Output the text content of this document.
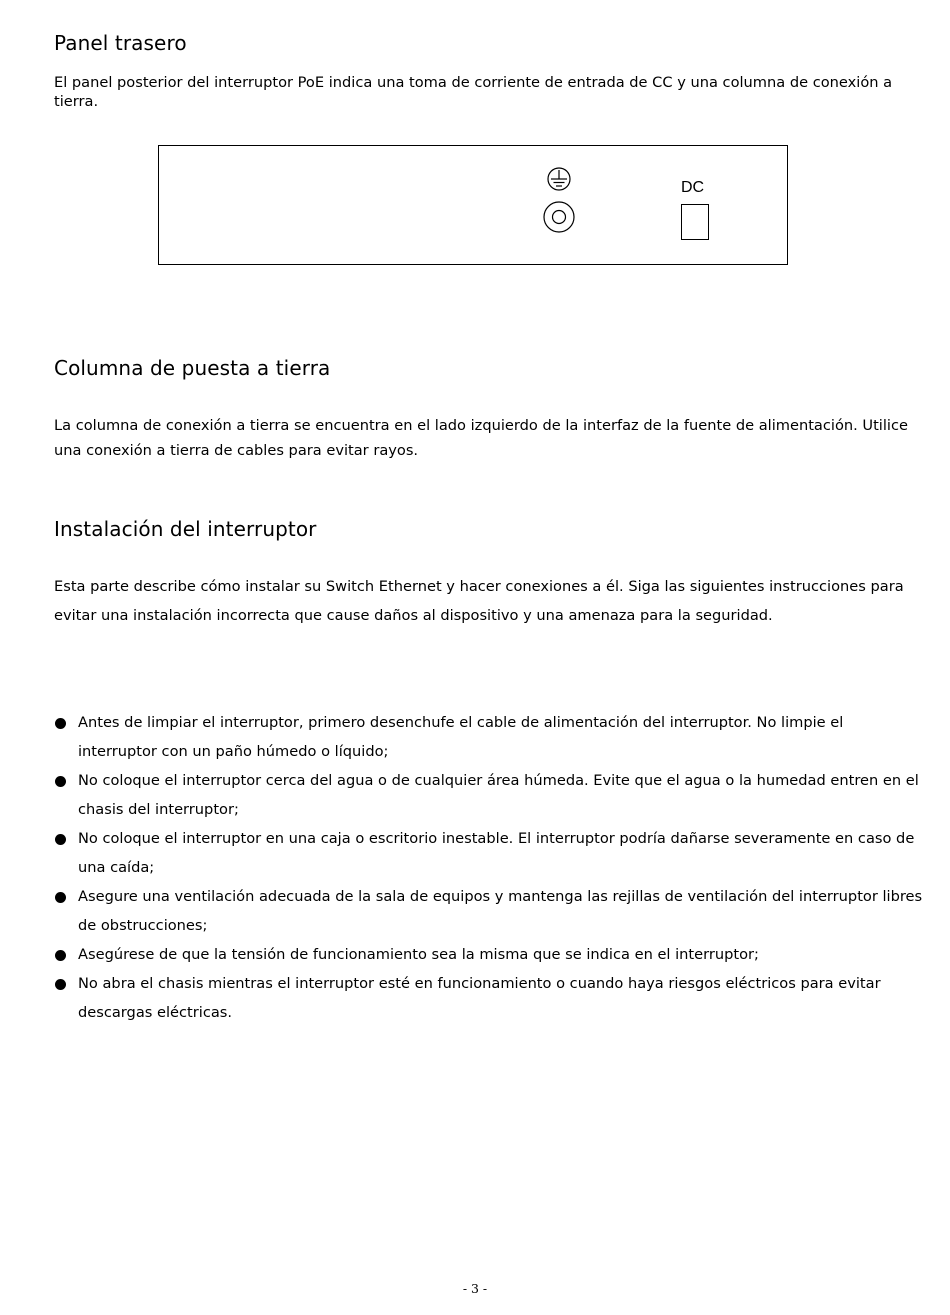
Panel trasero

El panel posterior del interruptor PoE indica una toma de corriente de entrada de CC y una columna de conexión a tierra.

DC
Columna de puesta a tierra

La columna de conexión a tierra se encuentra en el lado izquierdo de la interfaz de la fuente de alimentación. Utilice una conexión a tierra de cables para evitar rayos.

Instalación del interruptor

Esta parte describe cómo instalar su Switch Ethernet y hacer conexiones a él. Siga las siguientes instrucciones para evitar una instalación incorrecta que cause daños al dispositivo y una amenaza para la seguridad.

Antes de limpiar el interruptor, primero desenchufe el cable de alimentación del interruptor. No limpie el interruptor con un paño húmedo o líquido;
No coloque el interruptor cerca del agua o de cualquier área húmeda. Evite que el agua o la humedad entren en el chasis del interruptor;
No coloque el interruptor en una caja o escritorio inestable. El interruptor podría dañarse severamente en caso de una caída;
Asegure una ventilación adecuada de la sala de equipos y mantenga las rejillas de ventilación del interruptor libres de obstrucciones;
Asegúrese de que la tensión de funcionamiento sea la misma que se indica en el interruptor;
No abra el chasis mientras el interruptor esté en funcionamiento o cuando haya riesgos eléctricos para evitar descargas eléctricas.
- 3 -
